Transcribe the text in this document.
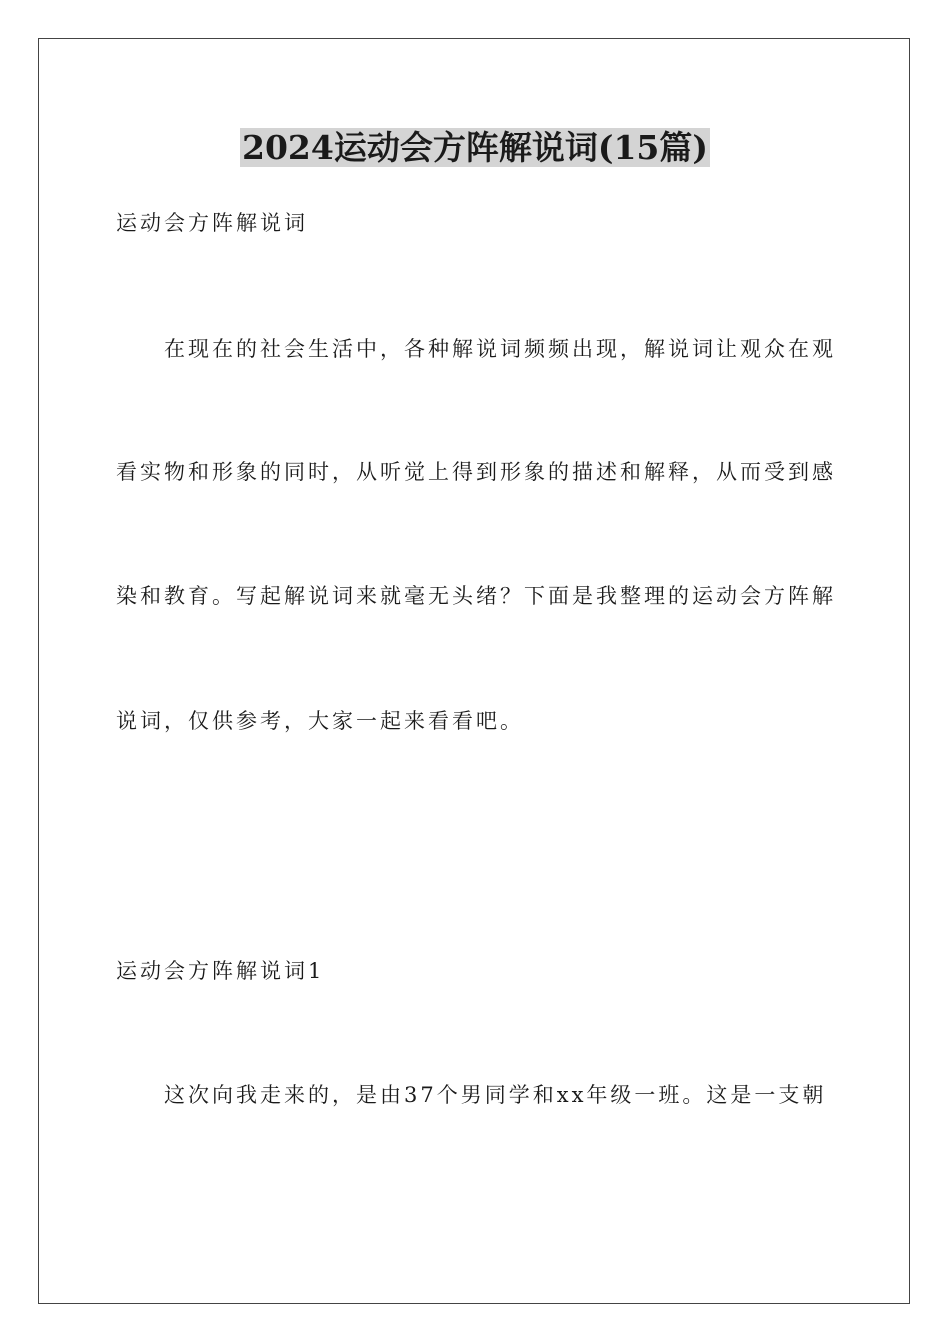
2024运动会方阵解说词(15篇)
运动会方阵解说词
在现在的社会生活中，各种解说词频频出现，解说词让观众在观
看实物和形象的同时，从听觉上得到形象的描述和解释，从而受到感
染和教育。写起解说词来就毫无头绪？下面是我整理的运动会方阵解
说词，仅供参考，大家一起来看看吧。
运动会方阵解说词1
这次向我走来的，是由37个男同学和xx年级一班。这是一支朝
